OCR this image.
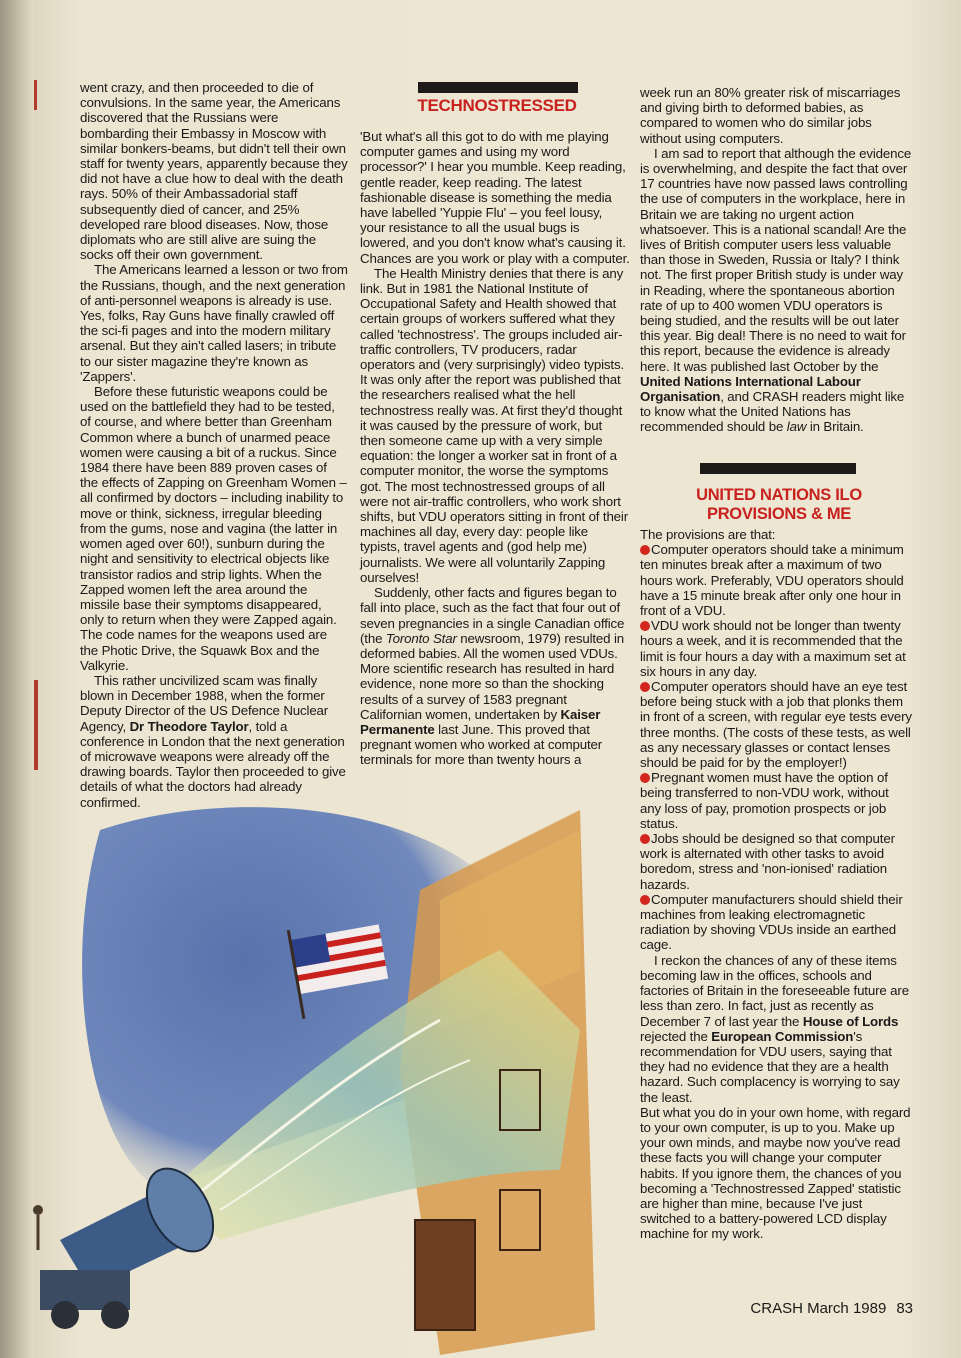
went crazy, and then proceeded to die of convulsions. In the same year, the Americans discovered that the Russians were bombarding their Embassy in Moscow with similar bonkers-beams, but didn't tell their own staff for twenty years, apparently because they did not have a clue how to deal with the death rays. 50% of their Ambassadorial staff subsequently died of cancer, and 25% developed rare blood diseases. Now, those diplomats who are still alive are suing the socks off their own government.

The Americans learned a lesson or two from the Russians, though, and the next generation of anti-personnel weapons is already is use. Yes, folks, Ray Guns have finally crawled off the sci-fi pages and into the modern military arsenal. But they ain't called lasers; in tribute to our sister magazine they're known as 'Zappers'.

Before these futuristic weapons could be used on the battlefield they had to be tested, of course, and where better than Greenham Common where a bunch of unarmed peace women were causing a bit of a ruckus. Since 1984 there have been 889 proven cases of the effects of Zapping on Greenham Women – all confirmed by doctors – including inability to move or think, sickness, irregular bleeding from the gums, nose and vagina (the latter in women aged over 60!), sunburn during the night and sensitivity to electrical objects like transistor radios and strip lights. When the Zapped women left the area around the missile base their symptoms disappeared, only to return when they were Zapped again. The code names for the weapons used are the Photic Drive, the Squawk Box and the Valkyrie.

This rather uncivilized scam was finally blown in December 1988, when the former Deputy Director of the US Defence Nuclear Agency, Dr Theodore Taylor, told a conference in London that the next generation of microwave weapons were already off the drawing boards. Taylor then proceeded to give details of what the doctors had already confirmed.

TECHNOSTRESSED

'But what's all this got to do with me playing computer games and using my word processor?' I hear you mumble. Keep reading, gentle reader, keep reading. The latest fashionable disease is something the media have labelled 'Yuppie Flu' – you feel lousy, your resistance to all the usual bugs is lowered, and you don't know what's causing it. Chances are you work or play with a computer.

The Health Ministry denies that there is any link. But in 1981 the National Institute of Occupational Safety and Health showed that certain groups of workers suffered what they called 'technostress'. The groups included air-traffic controllers, TV producers, radar operators and (very surprisingly) video typists. It was only after the report was published that the researchers realised what the hell technostress really was. At first they'd thought it was caused by the pressure of work, but then someone came up with a very simple equation: the longer a worker sat in front of a computer monitor, the worse the symptoms got. The most technostressed groups of all were not air-traffic controllers, who work short shifts, but VDU operators sitting in front of their machines all day, every day: people like typists, travel agents and (god help me) journalists. We were all voluntarily Zapping ourselves!

Suddenly, other facts and figures began to fall into place, such as the fact that four out of seven pregnancies in a single Canadian office (the Toronto Star newsroom, 1979) resulted in deformed babies. All the women used VDUs. More scientific research has resulted in hard evidence, none more so than the shocking results of a survey of 1583 pregnant Californian women, undertaken by Kaiser Permanente last June. This proved that pregnant women who worked at computer terminals for more than twenty hours a

week run an 80% greater risk of miscarriages and giving birth to deformed babies, as compared to women who do similar jobs without using computers.

I am sad to report that although the evidence is overwhelming, and despite the fact that over 17 countries have now passed laws controlling the use of computers in the workplace, here in Britain we are taking no urgent action whatsoever. This is a national scandal! Are the lives of British computer users less valuable than those in Sweden, Russia or Italy? I think not. The first proper British study is under way in Reading, where the spontaneous abortion rate of up to 400 women VDU operators is being studied, and the results will be out later this year. Big deal! There is no need to wait for this report, because the evidence is already here. It was published last October by the United Nations International Labour Organisation, and CRASH readers might like to know what the United Nations has recommended should be law in Britain.

UNITED NATIONS ILO
PROVISIONS & ME

The provisions are that:

Computer operators should take a minimum ten minutes break after a maximum of two hours work. Preferably, VDU operators should have a 15 minute break after only one hour in front of a VDU.

VDU work should not be longer than twenty hours a week, and it is recommended that the limit is four hours a day with a maximum set at six hours in any day.

Computer operators should have an eye test before being stuck with a job that plonks them in front of a screen, with regular eye tests every three months. (The costs of these tests, as well as any necessary glasses or contact lenses should be paid for by the employer!)

Pregnant women must have the option of being transferred to non-VDU work, without any loss of pay, promotion prospects or job status.

Jobs should be designed so that computer work is alternated with other tasks to avoid boredom, stress and 'non-ionised' radiation hazards.

Computer manufacturers should shield their machines from leaking electromagnetic radiation by shoving VDUs inside an earthed cage.

I reckon the chances of any of these items becoming law in the offices, schools and factories of Britain in the foreseeable future are less than zero. In fact, just as recently as December 7 of last year the House of Lords rejected the European Commission's recommendation for VDU users, saying that they had no evidence that they are a health hazard. Such complacency is worrying to say the least.

But what you do in your own home, with regard to your own computer, is up to you. Make up your own minds, and maybe now you've read these facts you will change your computer habits. If you ignore them, the chances of you becoming a 'Technostressed Zapped' statistic are higher than mine, because I've just switched to a battery-powered LCD display machine for my work.

CRASH March 1989 83
